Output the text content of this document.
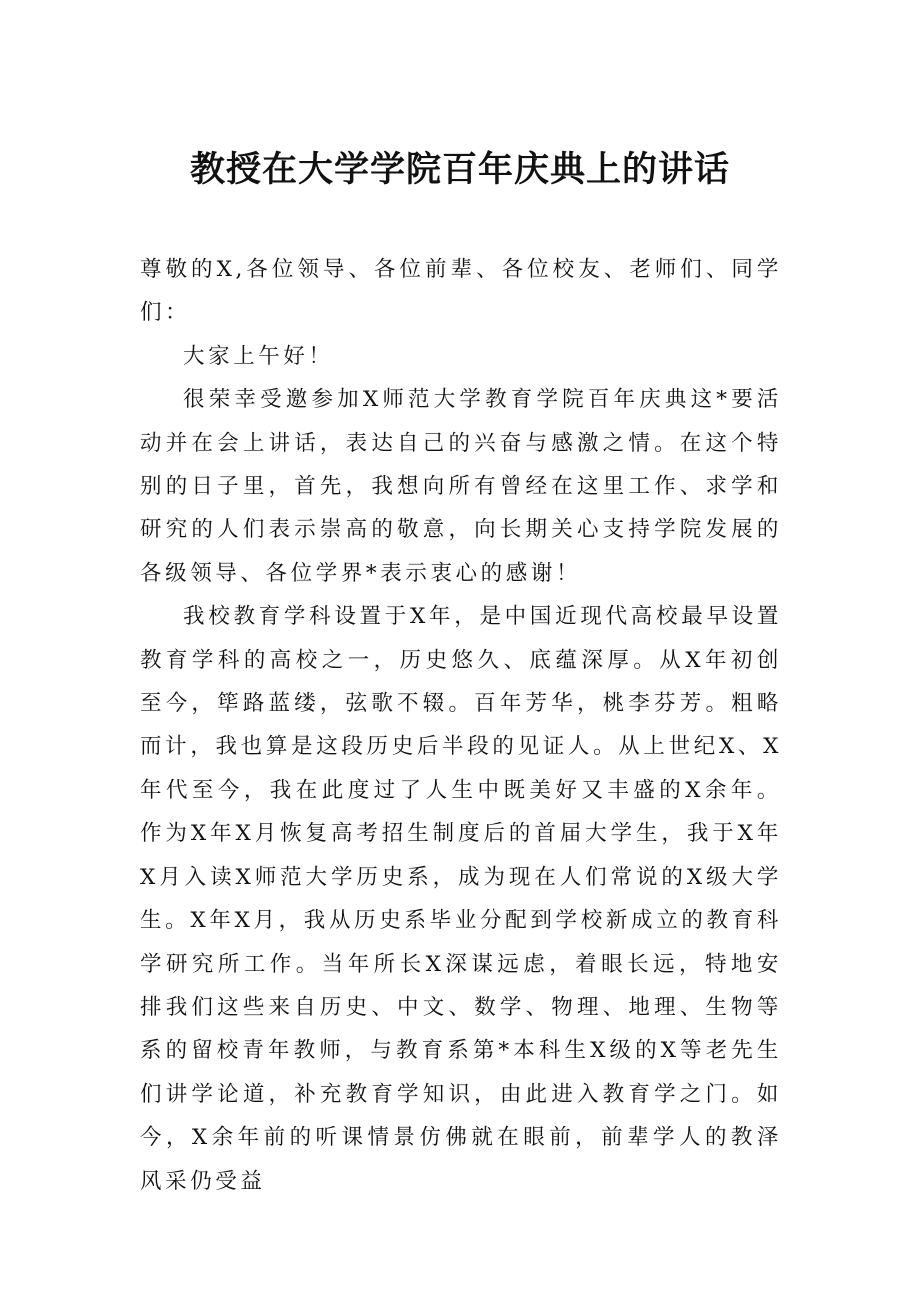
教授在大学学院百年庆典上的讲话

尊敬的X,各位领导、各位前辈、各位校友、老师们、同学们：

大家上午好！

很荣幸受邀参加X师范大学教育学院百年庆典这*要活动并在会上讲话，表达自己的兴奋与感激之情。在这个特别的日子里，首先，我想向所有曾经在这里工作、求学和研究的人们表示崇高的敬意，向长期关心支持学院发展的各级领导、各位学界*表示衷心的感谢！

我校教育学科设置于X年，是中国近现代高校最早设置教育学科的高校之一，历史悠久、底蕴深厚。从X年初创至今，筚路蓝缕，弦歌不辍。百年芳华，桃李芬芳。粗略而计，我也算是这段历史后半段的见证人。从上世纪X、X年代至今，我在此度过了人生中既美好又丰盛的X余年。作为X年X月恢复高考招生制度后的首届大学生，我于X年X月入读X师范大学历史系，成为现在人们常说的X级大学生。X年X月，我从历史系毕业分配到学校新成立的教育科学研究所工作。当年所长X深谋远虑，着眼长远，特地安排我们这些来自历史、中文、数学、物理、地理、生物等系的留校青年教师，与教育系第*本科生X级的X等老先生们讲学论道，补充教育学知识，由此进入教育学之门。如今，X余年前的听课情景仿佛就在眼前，前辈学人的教泽风采仍受益
